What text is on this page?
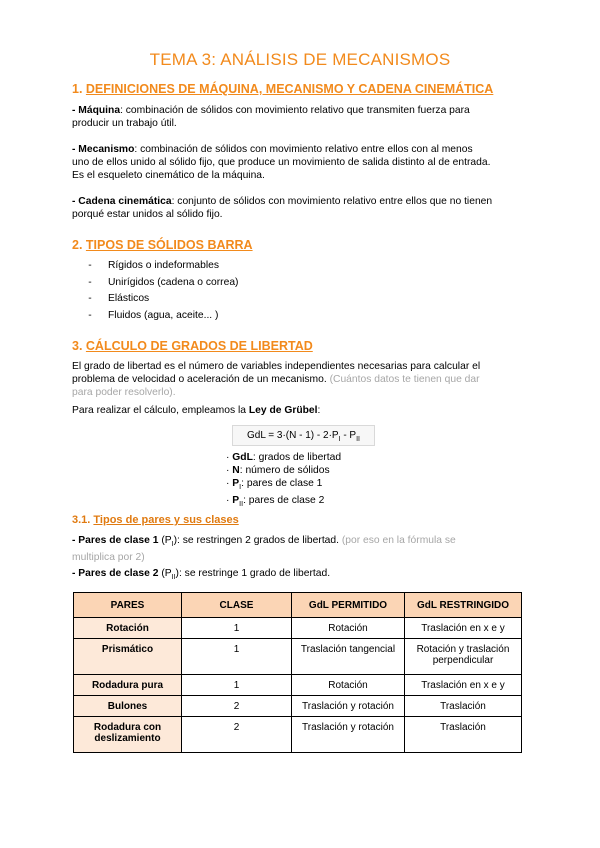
TEMA 3: ANÁLISIS DE MECANISMOS
1. DEFINICIONES DE MÁQUINA, MECANISMO Y CADENA CINEMÁTICA
- Máquina: combinación de sólidos con movimiento relativo que transmiten fuerza para
producir un trabajo útil.
- Mecanismo: combinación de sólidos con movimiento relativo entre ellos con al menos
uno de ellos unido al sólido fijo, que produce un movimiento de salida distinto al de entrada.
Es el esqueleto cinemático de la máquina.
- Cadena cinemática: conjunto de sólidos con movimiento relativo entre ellos que no tienen
porqué estar unidos al sólido fijo.
2. TIPOS DE SÓLIDOS BARRA
- Rígidos o indeformables
- Unirígidos (cadena o correa)
- Elásticos
- Fluidos (agua, aceite... )
3. CÁLCULO DE GRADOS DE LIBERTAD
El grado de libertad es el número de variables independientes necesarias para calcular el
problema de velocidad o aceleración de un mecanismo. (Cuántos datos te tienen que dar
para poder resolverlo).
Para realizar el cálculo, empleamos la Ley de Grübel:
GdL = $3\cdot(N - 1) - 2\cdot P_I - P_{II}$
· GdL: grados de libertad
· N: número de sólidos
· $P_I$: pares de clase 1
· $P_{II}$: pares de clase 2
3.1. Tipos de pares y sus clases
- Pares de clase 1 $(P_I)$: se restringen 2 grados de libertad. (por eso en la fórmula se
multiplica por 2)
- Pares de clase 2 $(P_{II})$: se restringe 1 grado de libertad.
PARES	CLASE	GdL PERMITIDO	GdL RESTRINGIDO
Rotación	1	Rotación	Traslación en x e y
Prismático	1	Traslación tangencial	Rotación y traslación perpendicular
Rodadura pura	1	Rotación	Traslación en x e y
Bulones	2	Traslación y rotación	Traslación
Rodadura con deslizamiento	2	Traslación y rotación	Traslación
